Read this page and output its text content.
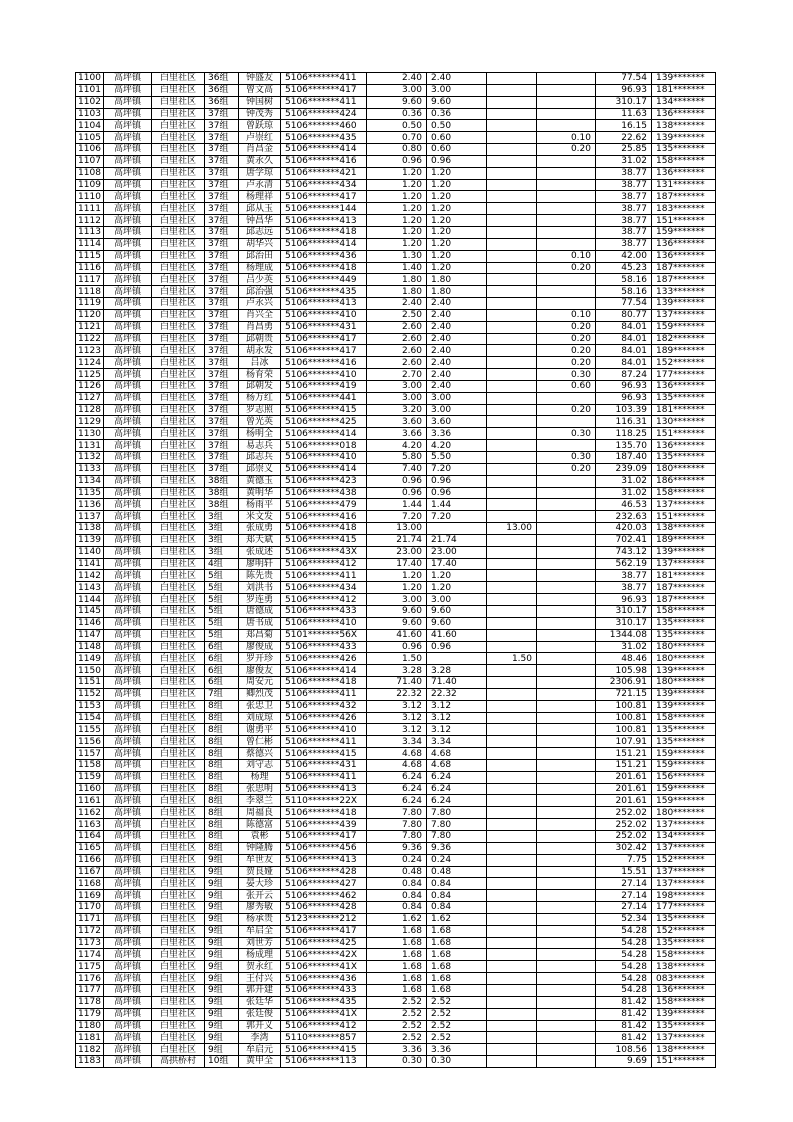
1100	高坪镇	白里社区	36组	钟盛友	5106*******411	2.40	2.40			77.54	139*******
1101	高坪镇	白里社区	36组	曾文高	5106*******417	3.00	3.00			96.93	181*******
1102	高坪镇	白里社区	36组	钟国树	5106*******411	9.60	9.60			310.17	134*******
1103	高坪镇	白里社区	37组	钟茂秀	5106*******424	0.36	0.36			11.63	136*******
1104	高坪镇	白里社区	37组	曾跃琼	5106*******460	0.50	0.50			16.15	138*******
1105	高坪镇	白里社区	37组	卢崇红	5106*******435	0.70	0.60		0.10	22.62	139*******
1106	高坪镇	白里社区	37组	肖昌金	5106*******414	0.80	0.60		0.20	25.85	135*******
1107	高坪镇	白里社区	37组	黄永久	5106*******416	0.96	0.96			31.02	158*******
1108	高坪镇	白里社区	37组	唐学琼	5106*******421	1.20	1.20			38.77	136*******
1109	高坪镇	白里社区	37组	卢永清	5106*******434	1.20	1.20			38.77	131*******
1110	高坪镇	白里社区	37组	杨理祥	5106*******417	1.20	1.20			38.77	187*******
1111	高坪镇	白里社区	37组	邱从玉	5106*******144	1.20	1.20			38.77	183*******
1112	高坪镇	白里社区	37组	钟昌华	5106*******413	1.20	1.20			38.77	151*******
1113	高坪镇	白里社区	37组	邱志远	5106*******418	1.20	1.20			38.77	159*******
1114	高坪镇	白里社区	37组	胡华兴	5106*******414	1.20	1.20			38.77	136*******
1115	高坪镇	白里社区	37组	邱治田	5106*******436	1.30	1.20		0.10	42.00	136*******
1116	高坪镇	白里社区	37组	杨理成	5106*******418	1.40	1.20		0.20	45.23	187*******
1117	高坪镇	白里社区	37组	吕少英	5106*******449	1.80	1.80			58.16	187*******
1118	高坪镇	白里社区	37组	邱治强	5106*******435	1.80	1.80			58.16	133*******
1119	高坪镇	白里社区	37组	卢永兴	5106*******413	2.40	2.40			77.54	139*******
1120	高坪镇	白里社区	37组	肖兴全	5106*******410	2.50	2.40		0.10	80.77	137*******
1121	高坪镇	白里社区	37组	肖昌勇	5106*******431	2.60	2.40		0.20	84.01	159*******
1122	高坪镇	白里社区	37组	邱朝贵	5106*******417	2.60	2.40		0.20	84.01	182*******
1123	高坪镇	白里社区	37组	胡永发	5106*******417	2.60	2.40		0.20	84.01	189*******
1124	高坪镇	白里社区	37组	吕冰	5106*******416	2.60	2.40		0.20	84.01	152*******
1125	高坪镇	白里社区	37组	杨育荣	5106*******410	2.70	2.40		0.30	87.24	177*******
1126	高坪镇	白里社区	37组	邱朝发	5106*******419	3.00	2.40		0.60	96.93	136*******
1127	高坪镇	白里社区	37组	杨万红	5106*******441	3.00	3.00			96.93	135*******
1128	高坪镇	白里社区	37组	罗志照	5106*******415	3.20	3.00		0.20	103.39	181*******
1129	高坪镇	白里社区	37组	曾光英	5106*******425	3.60	3.60			116.31	130*******
1130	高坪镇	白里社区	37组	杨明全	5106*******414	3.66	3.36		0.30	118.25	151*******
1131	高坪镇	白里社区	37组	易志兵	5106*******018	4.20	4.20			135.70	136*******
1132	高坪镇	白里社区	37组	邱志兵	5106*******410	5.80	5.50		0.30	187.40	135*******
1133	高坪镇	白里社区	37组	邱崇义	5106*******414	7.40	7.20		0.20	239.09	180*******
1134	高坪镇	白里社区	38组	黄德玉	5106*******423	0.96	0.96			31.02	186*******
1135	高坪镇	白里社区	38组	黄明华	5106*******438	0.96	0.96			31.02	158*******
1136	高坪镇	白里社区	38组	杨雨平	5106*******479	1.44	1.44			46.53	137*******
1137	高坪镇	白里社区	3组	米文发	5106*******416	7.20	7.20			232.63	151*******
1138	高坪镇	白里社区	3组	张成勇	5106*******418	13.00		13.00		420.03	138*******
1139	高坪镇	白里社区	3组	郑天斌	5106*******415	21.74	21.74			702.41	189*******
1140	高坪镇	白里社区	3组	张成述	5106*******43X	23.00	23.00			743.12	139*******
1141	高坪镇	白里社区	4组	廖明轩	5106*******412	17.40	17.40			562.19	137*******
1142	高坪镇	白里社区	5组	陈先贵	5106*******411	1.20	1.20			38.77	181*******
1143	高坪镇	白里社区	5组	刘洪书	5106*******434	1.20	1.20			38.77	187*******
1144	高坪镇	白里社区	5组	罗连勇	5106*******412	3.00	3.00			96.93	187*******
1145	高坪镇	白里社区	5组	唐德成	5106*******433	9.60	9.60			310.17	158*******
1146	高坪镇	白里社区	5组	唐书成	5106*******410	9.60	9.60			310.17	135*******
1147	高坪镇	白里社区	5组	郑昌菊	5101*******56X	41.60	41.60			1344.08	135*******
1148	高坪镇	白里社区	6组	廖俊成	5106*******433	0.96	0.96			31.02	180*******
1149	高坪镇	白里社区	6组	罗开珍	5106*******426	1.50		1.50		48.46	180*******
1150	高坪镇	白里社区	6组	廖俊友	5106*******414	3.28	3.28			105.98	139*******
1151	高坪镇	白里社区	6组	周安元	5106*******418	71.40	71.40			2306.91	180*******
1152	高坪镇	白里社区	7组	卿烈茂	5106*******411	22.32	22.32			721.15	139*******
1153	高坪镇	白里社区	8组	张忠卫	5106*******432	3.12	3.12			100.81	139*******
1154	高坪镇	白里社区	8组	刘成琼	5106*******426	3.12	3.12			100.81	158*******
1155	高坪镇	白里社区	8组	谢勇平	5106*******410	3.12	3.12			100.81	135*******
1156	高坪镇	白里社区	8组	曾仁彬	5106*******411	3.34	3.34			107.91	135*******
1157	高坪镇	白里社区	8组	蔡德兴	5106*******415	4.68	4.68			151.21	159*******
1158	高坪镇	白里社区	8组	刘守志	5106*******431	4.68	4.68			151.21	159*******
1159	高坪镇	白里社区	8组	杨理	5106*******411	6.24	6.24			201.61	156*******
1160	高坪镇	白里社区	8组	张思明	5106*******413	6.24	6.24			201.61	159*******
1161	高坪镇	白里社区	8组	李翠兰	5110*******22X	6.24	6.24			201.61	159*******
1162	高坪镇	白里社区	8组	周福良	5106*******418	7.80	7.80			252.02	180*******
1163	高坪镇	白里社区	8组	陈德富	5106*******439	7.80	7.80			252.02	137*******
1164	高坪镇	白里社区	8组	袁彬	5106*******417	7.80	7.80			252.02	134*******
1165	高坪镇	白里社区	8组	钟隆腾	5106*******456	9.36	9.36			302.42	137*******
1166	高坪镇	白里社区	9组	牟世友	5106*******413	0.24	0.24			7.75	152*******
1167	高坪镇	白里社区	9组	贺良娅	5106*******428	0.48	0.48			15.51	137*******
1168	高坪镇	白里社区	9组	晏大珍	5106*******427	0.84	0.84			27.14	137*******
1169	高坪镇	白里社区	9组	张开云	5106*******462	0.84	0.84			27.14	198*******
1170	高坪镇	白里社区	9组	廖秀敏	5106*******428	0.84	0.84			27.14	177*******
1171	高坪镇	白里社区	9组	杨承贵	5123*******212	1.62	1.62			52.34	135*******
1172	高坪镇	白里社区	9组	牟启全	5106*******417	1.68	1.68			54.28	152*******
1173	高坪镇	白里社区	9组	刘世芳	5106*******425	1.68	1.68			54.28	135*******
1174	高坪镇	白里社区	9组	杨成理	5106*******42X	1.68	1.68			54.28	158*******
1175	高坪镇	白里社区	9组	贺永红	5106*******41X	1.68	1.68			54.28	138*******
1176	高坪镇	白里社区	9组	王付兴	5106*******436	1.68	1.68			54.28	083*******
1177	高坪镇	白里社区	9组	郭开建	5106*******433	1.68	1.68			54.28	136*******
1178	高坪镇	白里社区	9组	张廷华	5106*******435	2.52	2.52			81.42	158*******
1179	高坪镇	白里社区	9组	张廷俊	5106*******41X	2.52	2.52			81.42	139*******
1180	高坪镇	白里社区	9组	郭开义	5106*******412	2.52	2.52			81.42	135*******
1181	高坪镇	白里社区	9组	李湾	5110*******857	2.52	2.52			81.42	137*******
1182	高坪镇	白里社区	9组	牟启元	5106*******415	3.36	3.36			108.56	138*******
1183	高坪镇	高拱桥村	10组	黄甲全	5106*******113	0.30	0.30			9.69	151*******
